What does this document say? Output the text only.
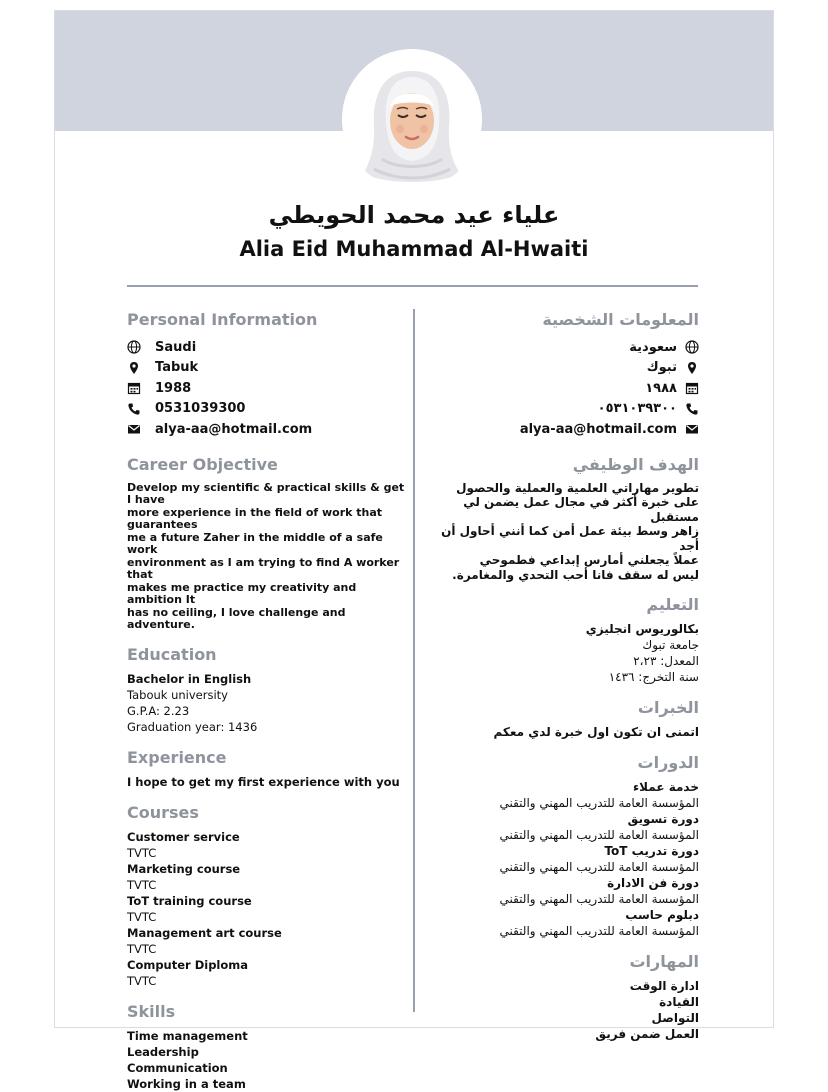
علياء عيد محمد الحويطي
Alia Eid Muhammad Al-Hwaiti
Personal Information
Saudi
Tabuk
1988
0531039300
alya-aa@hotmail.com
Career Objective
Develop my scientific & practical skills & get I have
more experience in the field of work that guarantees
me a future Zaher in the middle of a safe work
environment as I am trying to find A worker that
makes me practice my creativity and ambition It
has no ceiling, I love challenge and adventure.
Education
Bachelor in English
Tabouk university
G.P.A: 2.23
Graduation year: 1436
Experience
I hope to get my first experience with you
Courses
Customer service
TVTC
Marketing course
TVTC
ToT training course
TVTC
Management art course
TVTC
Computer Diploma
TVTC
Skills
Time management
Leadership
Communication
Working in a team
المعلومات الشخصية
سعودية
تبوك
١٩٨٨
٠٥٣١٠٣٩٣٠٠
alya-aa@hotmail.com
الهدف الوظيفي
تطوير مهاراتي العلمية والعملية والحصول
على خبرة أكثر في مجال عمل يضمن لي مستقبل
زاهر وسط بيئة عمل أمن كما أنني أحاول أن أجد
عملاً يجعلني أمارس إبداعي فطموحي
ليس له سقف فانا أحب التحدي والمغامرة.
التعليم
بكالوريوس انجليزي
جامعة تبوك
المعدل: ٢،٢٣
سنة التخرج: ١٤٣٦
الخبرات
اتمنى ان تكون اول خبرة لدي معكم
الدورات
خدمة عملاء
المؤسسة العامة للتدريب المهني والتقني
دورة تسويق
المؤسسة العامة للتدريب المهني والتقني
دورة تدريب ToT
المؤسسة العامة للتدريب المهني والتقني
دورة فن الادارة
المؤسسة العامة للتدريب المهني والتقني
دبلوم حاسب
المؤسسة العامة للتدريب المهني والتقني
المهارات
ادارة الوقت
القيادة
التواصل
العمل ضمن فريق
